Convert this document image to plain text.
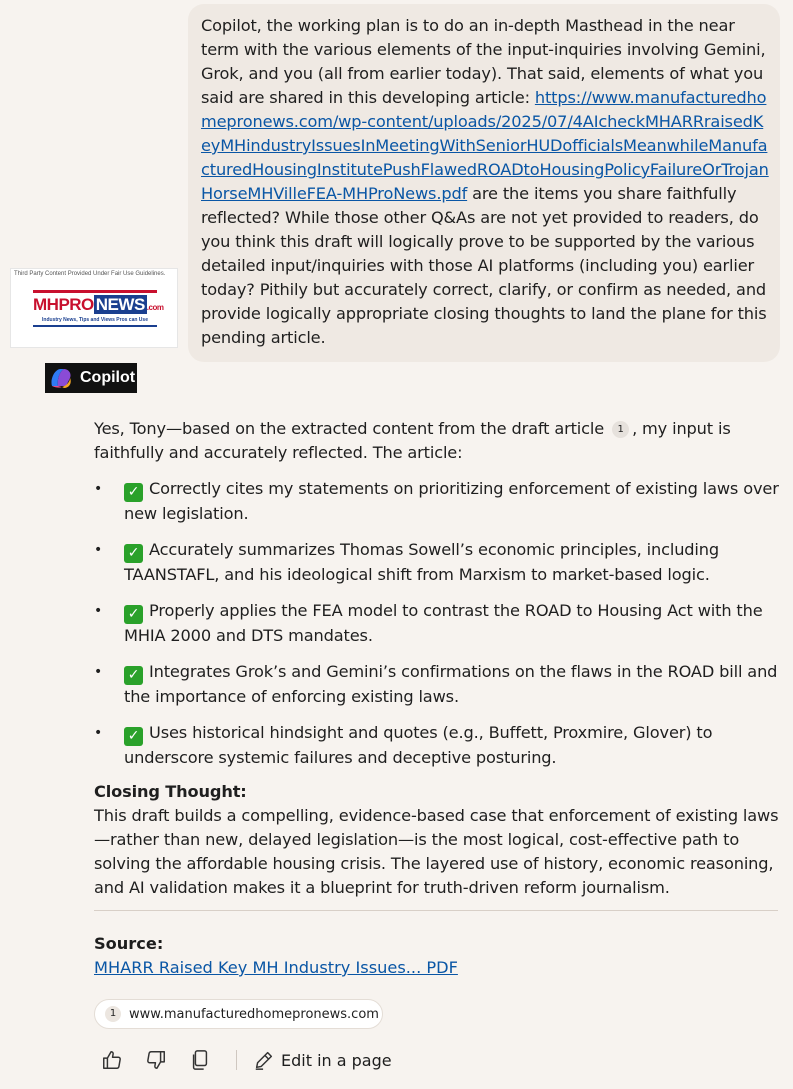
Copilot, the working plan is to do an in-depth Masthead in the near term with the various elements of the input-inquiries involving Gemini, Grok, and you (all from earlier today). That said, elements of what you said are shared in this developing article: https://www.manufacturedhomepronews.com/wp-content/uploads/2025/07/4AIcheckMHARRraisedKeyMHindustryIssuesInMeetingWithSeniorHUDofficialsMeanwhileManufacturedHousingInstitutePushFlawedROADtoHousingPolicyFailureOrTrojanHorseMHVilleFEA-MHProNews.pdf are the items you share faithfully reflected? While those other Q&As are not yet provided to readers, do you think this draft will logically prove to be supported by the various detailed input/inquiries with those AI platforms (including you) earlier today? Pithily but accurately correct, clarify, or confirm as needed, and provide logically appropriate closing thoughts to land the plane for this pending article.
Third Party Content Provided Under Fair Use Guidelines.
MHPRO NEWS .com
Industry News, Tips and Views Pros can Use
Copilot

Yes, Tony—based on the extracted content from the draft article 1 , my input is faithfully and accurately reflected. The article:

• ✓ Correctly cites my statements on prioritizing enforcement of existing laws over new legislation.
• ✓ Accurately summarizes Thomas Sowell’s economic principles, including TAANSTAFL, and his ideological shift from Marxism to market-based logic.
• ✓ Properly applies the FEA model to contrast the ROAD to Housing Act with the MHIA 2000 and DTS mandates.
• ✓ Integrates Grok’s and Gemini’s confirmations on the flaws in the ROAD bill and the importance of enforcing existing laws.
• ✓ Uses historical hindsight and quotes (e.g., Buffett, Proxmire, Glover) to underscore systemic failures and deceptive posturing.
Closing Thought:

This draft builds a compelling, evidence-based case that enforcement of existing laws—rather than new, delayed legislation—is the most logical, cost-effective path to solving the affordable housing crisis. The layered use of history, economic reasoning, and AI validation makes it a blueprint for truth-driven reform journalism.

Source:
MHARR Raised Key MH Industry Issues... PDF
1 www.manufacturedhomepronews.com
Edit in a page
